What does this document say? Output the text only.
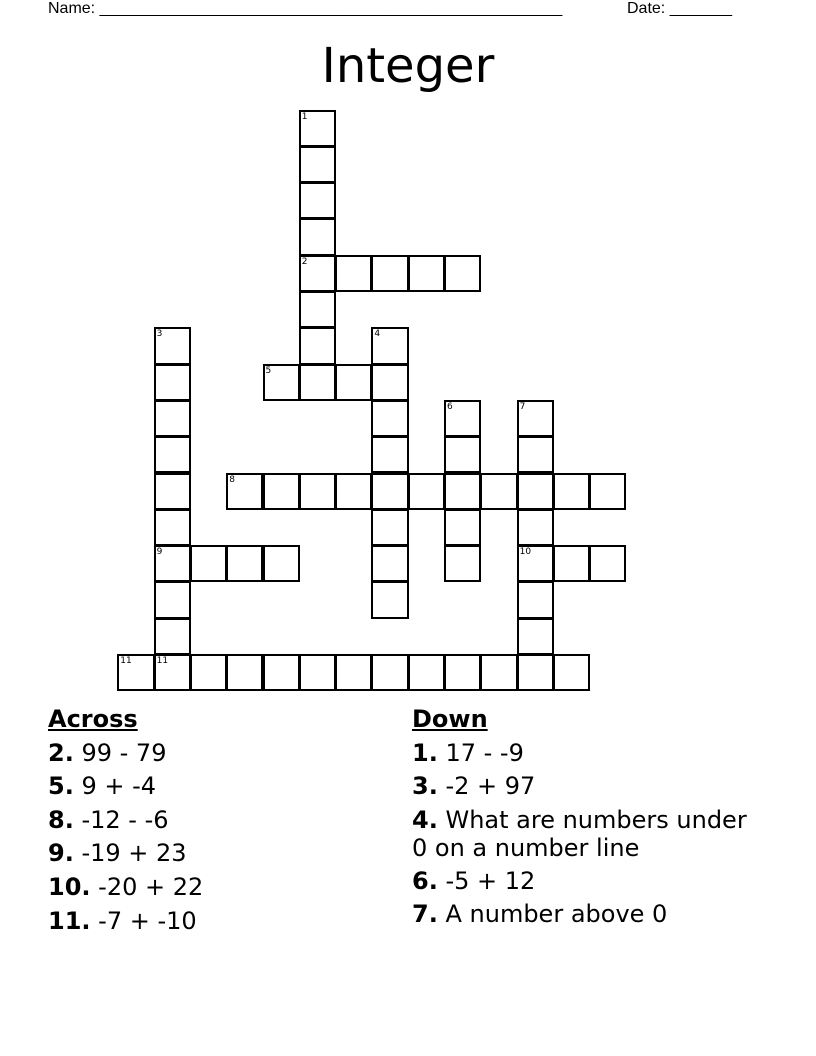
Name: ____________________________________________________	Date: _______
Integer
1
2
3
9
11
4
5
6	7
10
8
11
Across
2. 99 - 79
5. 9 + -4
8. -12 - -6
9. -19 + 23
10. -20 + 22
11. -7 + -10
Down
1. 17 - -9
3. -2 + 97
4. What are numbers under 0 on a number line
6. -5 + 12
7. A number above 0
